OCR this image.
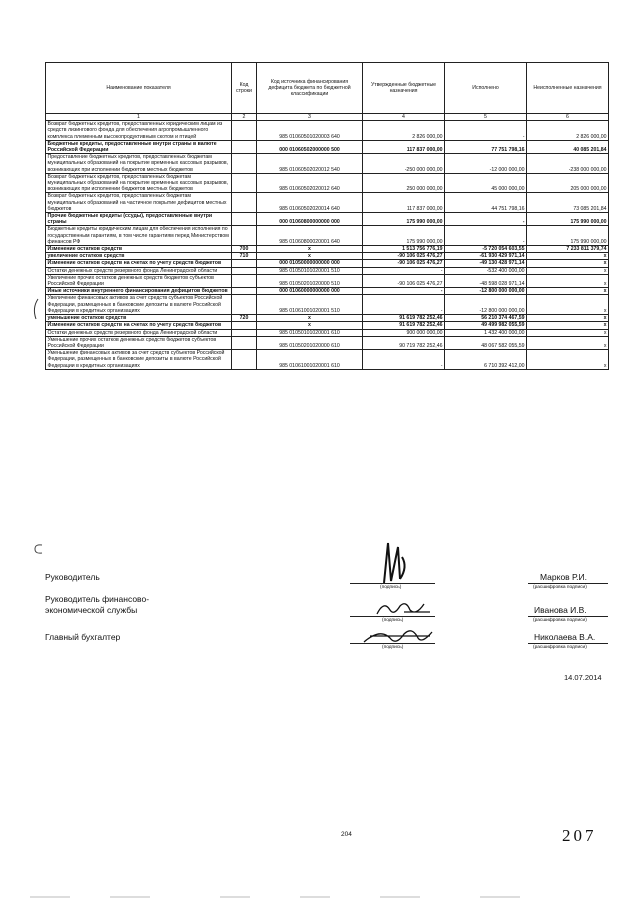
Наименование показателя	Код строки	Код источника финансирования дефицита бюджета по бюджетной классификации	Утвержденные бюджетные назначения	Исполнено	Неисполненные назначения
1	2	3	4	5	6
Возврат бюджетных кредитов, предоставленных юридическим лицам из средств лизингового фонда для обеспечения агропромышленного комплекса племенным высокопродуктивным скотом и птицей		985 01060501020003 640	2 826 000,00	-	2 826 000,00
Бюджетные кредиты, предоставленные внутри страны в валюте Российской Федерации		000 01060502000000 500	117 837 000,00	77 751 798,16	40 085 201,84
Предоставление бюджетных кредитов, предоставленных бюджетам муниципальных образований на покрытие временных кассовых разрывов, возникающих при исполнении бюджетов местных бюджетов		985 01060502020012 540	-250 000 000,00	-12 000 000,00	-238 000 000,00
Возврат бюджетных кредитов, предоставленных бюджетам муниципальных образований на покрытие временных кассовых разрывов, возникающих при исполнении бюджетов местных бюджетов		985 01060502020012 640	250 000 000,00	45 000 000,00	205 000 000,00
Возврат бюджетных кредитов, предоставленных бюджетам муниципальных образований на частичное покрытие дефицитов местных бюджетов		985 01060502020014 640	117 837 000,00	44 751 798,16	73 085 201,84
Прочие бюджетные кредиты (ссуды), предоставленные внутри страны		000 01060800000000 000	175 990 000,00	-	175 990 000,00
Бюджетные кредиты юридическим лицам для обеспечения исполнения по государственным гарантиям, в том числе гарантиям перед Министерством финансов РФ		985 01060800020001 640	175 990 000,00	-	175 990 000,00
Изменение остатков средств	700	x	1 513 756 776,19	-5 720 054 603,55	7 233 811 379,74
увеличение остатков средств	710	x	-90 106 025 476,27	-61 930 429 971,14	x
Изменение остатков средств на счетах по учету средств бюджетов		000 01050000000000 000	-90 106 025 476,27	-49 130 428 971,14	x
Остатки денежных средств резервного фонда Ленинградской области		985 01050101020001 510	-	-532 400 000,00	x
Увеличение прочих остатков денежных средств бюджетов субъектов Российской Федерации		985 01050201020000 510	-90 106 025 476,27	-48 598 028 971,14	x
Иные источники внутреннего финансирования дефицитов бюджетов		000 01060000000000 000	-	-12 800 000 000,00	x
Увеличение финансовых активов за счет средств субъектов Российской Федерации, размещенных в банковские депозиты в валюте Российской Федерации в кредитных организациях		985 01061001020001 510	-	-12 800 000 000,00	x
уменьшение остатков средств	720	x	91 619 782 252,46	56 210 374 467,59	x
Изменение остатков средств на счетах по учету средств бюджетов		x	91 619 782 252,46	49 499 982 055,59	x
Остатки денежных средств резервного фонда Ленинградской области		985 01050101020001 610	900 000 000,00	1 432 400 000,00	x
Уменьшение прочих остатков денежных средств бюджетов субъектов Российской Федерации		985 01050201020000 610	90 719 782 252,46	48 067 582 055,59	x
Уменьшение финансовых активов за счет средств субъектов Российской Федерации, размещенных в банковские депозиты в валюте Российской Федерации в кредитных организациях		985 01061001020001 610	-	6 710 392 412,00	x
Руководитель
(подпись)
Марков Р.И.
(расшифровка подписи)
Руководитель финансово-экономической службы
(подпись)
Иванова И.В.
(расшифровка подписи)
Главный бухгалтер
(подпись)
Николаева В.А.
(расшифровка подписи)
14.07.2014
204	207
